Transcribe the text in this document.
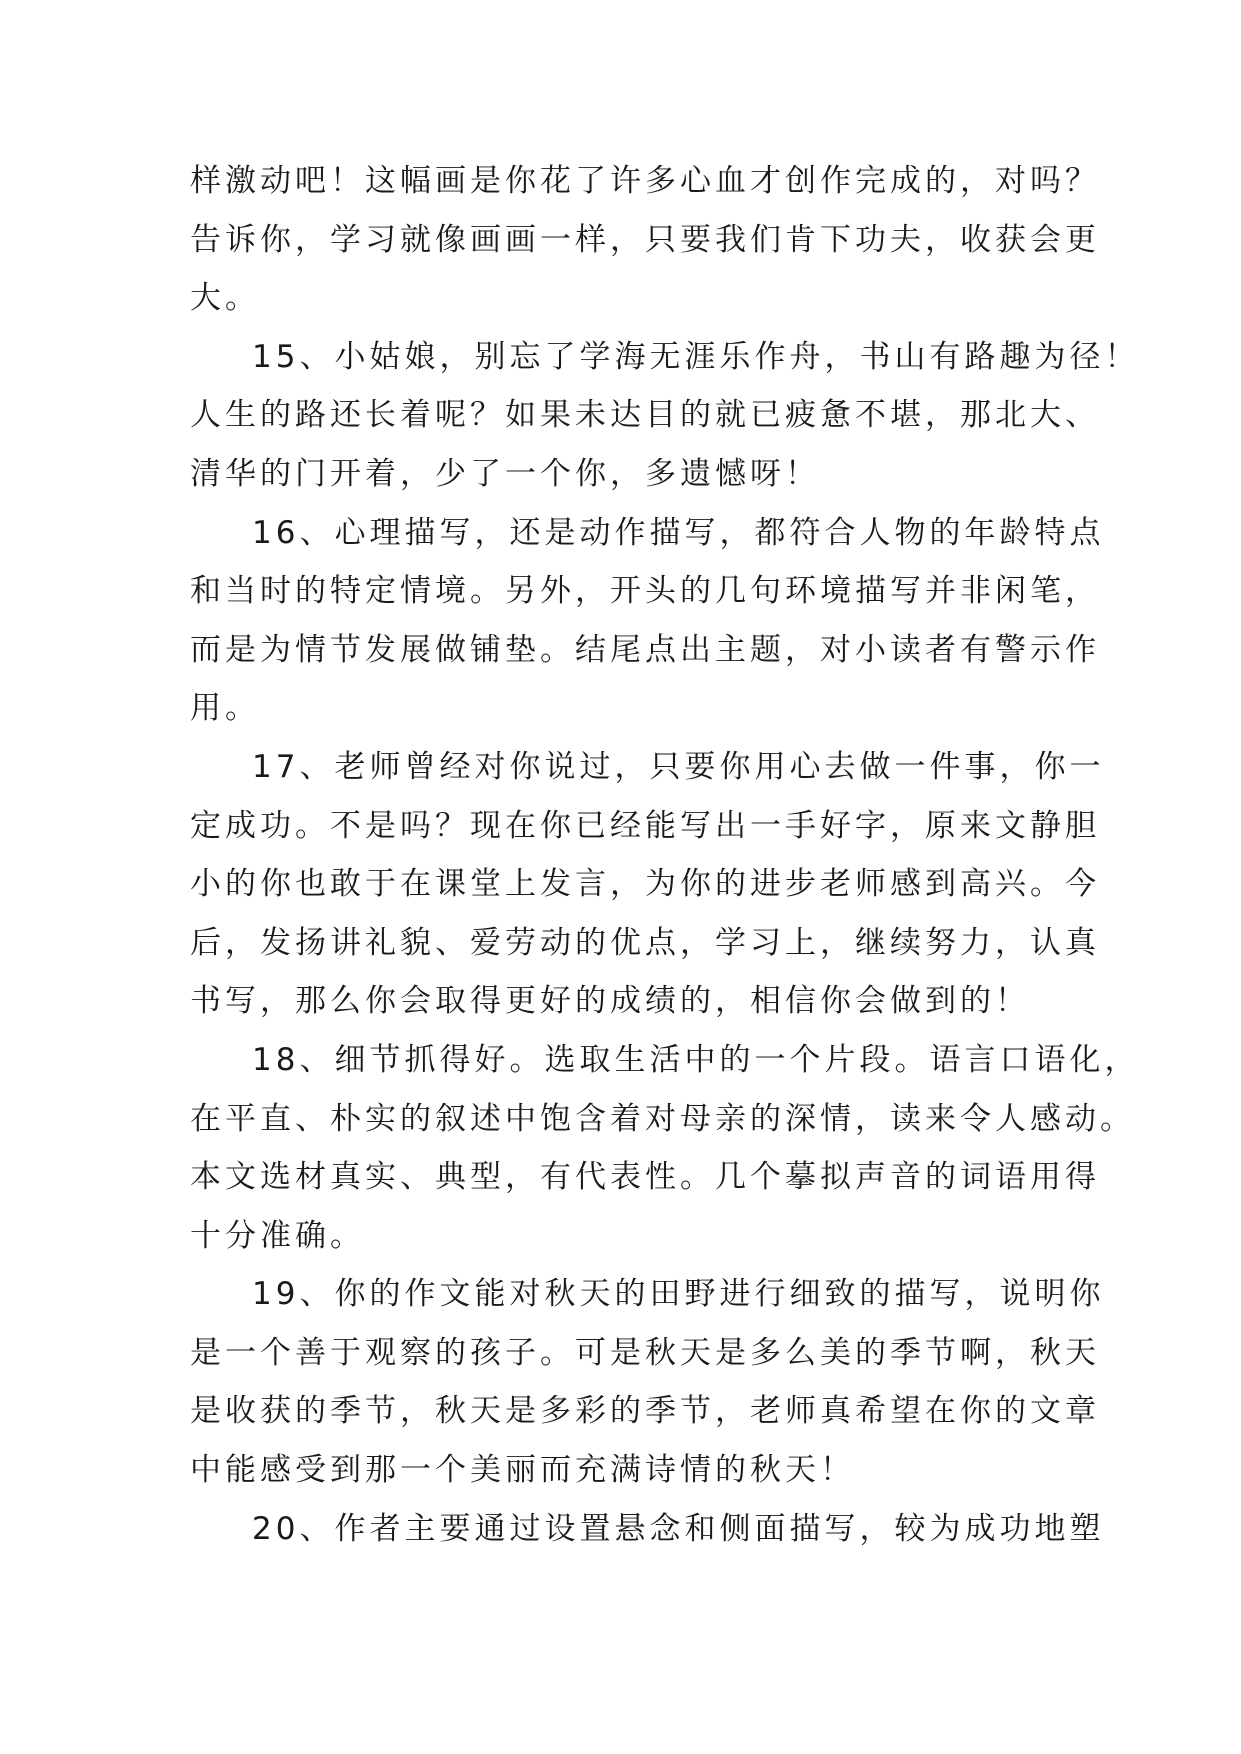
样激动吧！这幅画是你花了许多心血才创作完成的，对吗？
告诉你，学习就像画画一样，只要我们肯下功夫，收获会更
大。
15、小姑娘，别忘了学海无涯乐作舟，书山有路趣为径！
人生的路还长着呢？如果未达目的就已疲惫不堪，那北大、
清华的门开着，少了一个你，多遗憾呀！
16、心理描写，还是动作描写，都符合人物的年龄特点
和当时的特定情境。另外，开头的几句环境描写并非闲笔，
而是为情节发展做铺垫。结尾点出主题，对小读者有警示作
用。
17、老师曾经对你说过，只要你用心去做一件事，你一
定成功。不是吗？现在你已经能写出一手好字，原来文静胆
小的你也敢于在课堂上发言，为你的进步老师感到高兴。今
后，发扬讲礼貌、爱劳动的优点，学习上，继续努力，认真
书写，那么你会取得更好的成绩的，相信你会做到的！
18、细节抓得好。选取生活中的一个片段。语言口语化，
在平直、朴实的叙述中饱含着对母亲的深情，读来令人感动。
本文选材真实、典型，有代表性。几个摹拟声音的词语用得
十分准确。
19、你的作文能对秋天的田野进行细致的描写，说明你
是一个善于观察的孩子。可是秋天是多么美的季节啊，秋天
是收获的季节，秋天是多彩的季节，老师真希望在你的文章
中能感受到那一个美丽而充满诗情的秋天！
20、作者主要通过设置悬念和侧面描写，较为成功地塑
